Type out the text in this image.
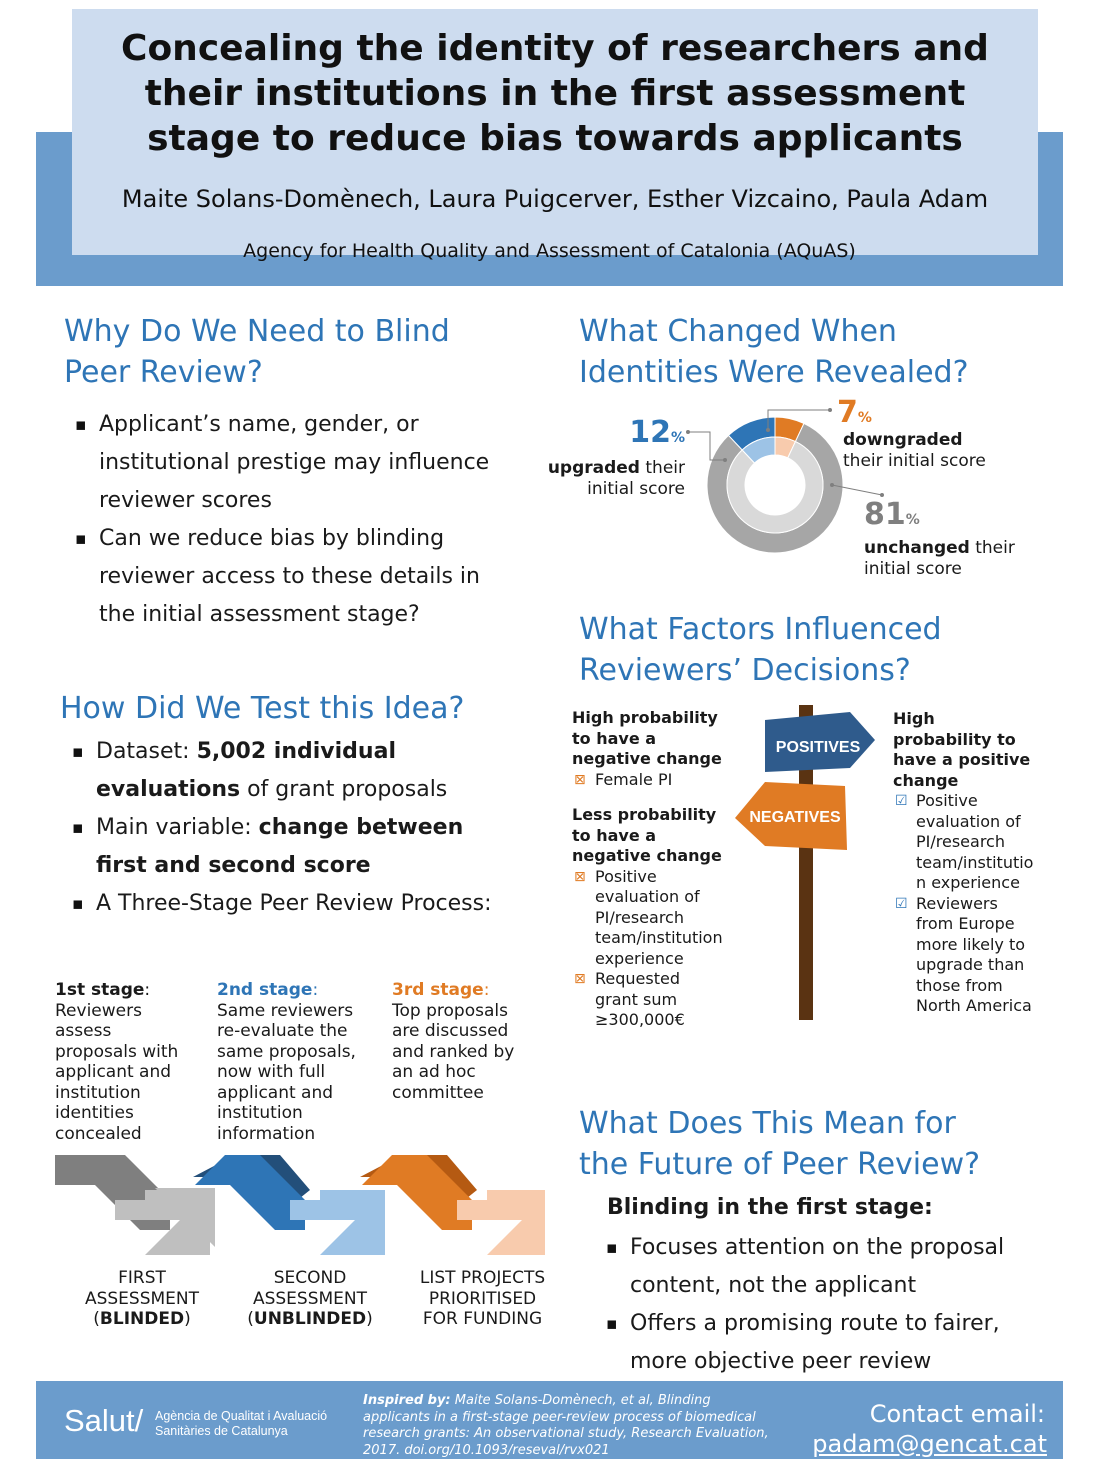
Concealing the identity of researchers and
their institutions in the first assessment
stage to reduce bias towards applicants
Maite Solans-Domènech, Laura Puigcerver, Esther Vizcaino, Paula Adam
Agency for Health Quality and Assessment of Catalonia (AQuAS)
Why Do We Need to Blind
Peer Review?
▪ Applicant’s name, gender, or institutional prestige may influence reviewer scores
▪ Can we reduce bias by blinding reviewer access to these details in the initial assessment stage?
How Did We Test this Idea?
▪ Dataset: 5,002 individual evaluations of grant proposals
▪ Main variable: change between first and second score
▪ A Three-Stage Peer Review Process:
1st stage:
Reviewers assess proposals with applicant and institution identities concealed
2nd stage:
Same reviewers re-evaluate the same proposals, now with full applicant and institution information
3rd stage:
Top proposals are discussed and ranked by an ad hoc committee
FIRST
ASSESSMENT
(BLINDED)
SECOND
ASSESSMENT
(UNBLINDED)
LIST PROJECTS
PRIORITISED
FOR FUNDING
What Changed When
Identities Were Revealed?
12%
upgraded their
initial score
7%
downgraded
their initial score
81%
unchanged their
initial score
What Factors Influenced
Reviewers’ Decisions?
POSITIVES
NEGATIVES
High probability
to have a
negative change
⊠ Female PI
Less probability
to have a
negative change
⊠ Positive
evaluation of
PI/research
team/institution
experience
⊠ Requested
grant sum
≥300,000€
High
probability to
have a positive
change
☑ Positive
evaluation of
PI/research
team/institutio
n experience
☑ Reviewers
from Europe
more likely to
upgrade than
those from
North America
What Does This Mean for
the Future of Peer Review?
Blinding in the first stage:
▪ Focuses attention on the proposal content, not the applicant
▪ Offers a promising route to fairer, more objective peer review
Salut/ Agència de Qualitat i Avaluació
Sanitàries de Catalunya
Inspired by: Maite Solans-Domènech, et al, Blinding
applicants in a first-stage peer-review process of biomedical
research grants: An observational study, Research Evaluation,
2017. doi.org/10.1093/reseval/rvx021
Contact email:
padam@gencat.cat
